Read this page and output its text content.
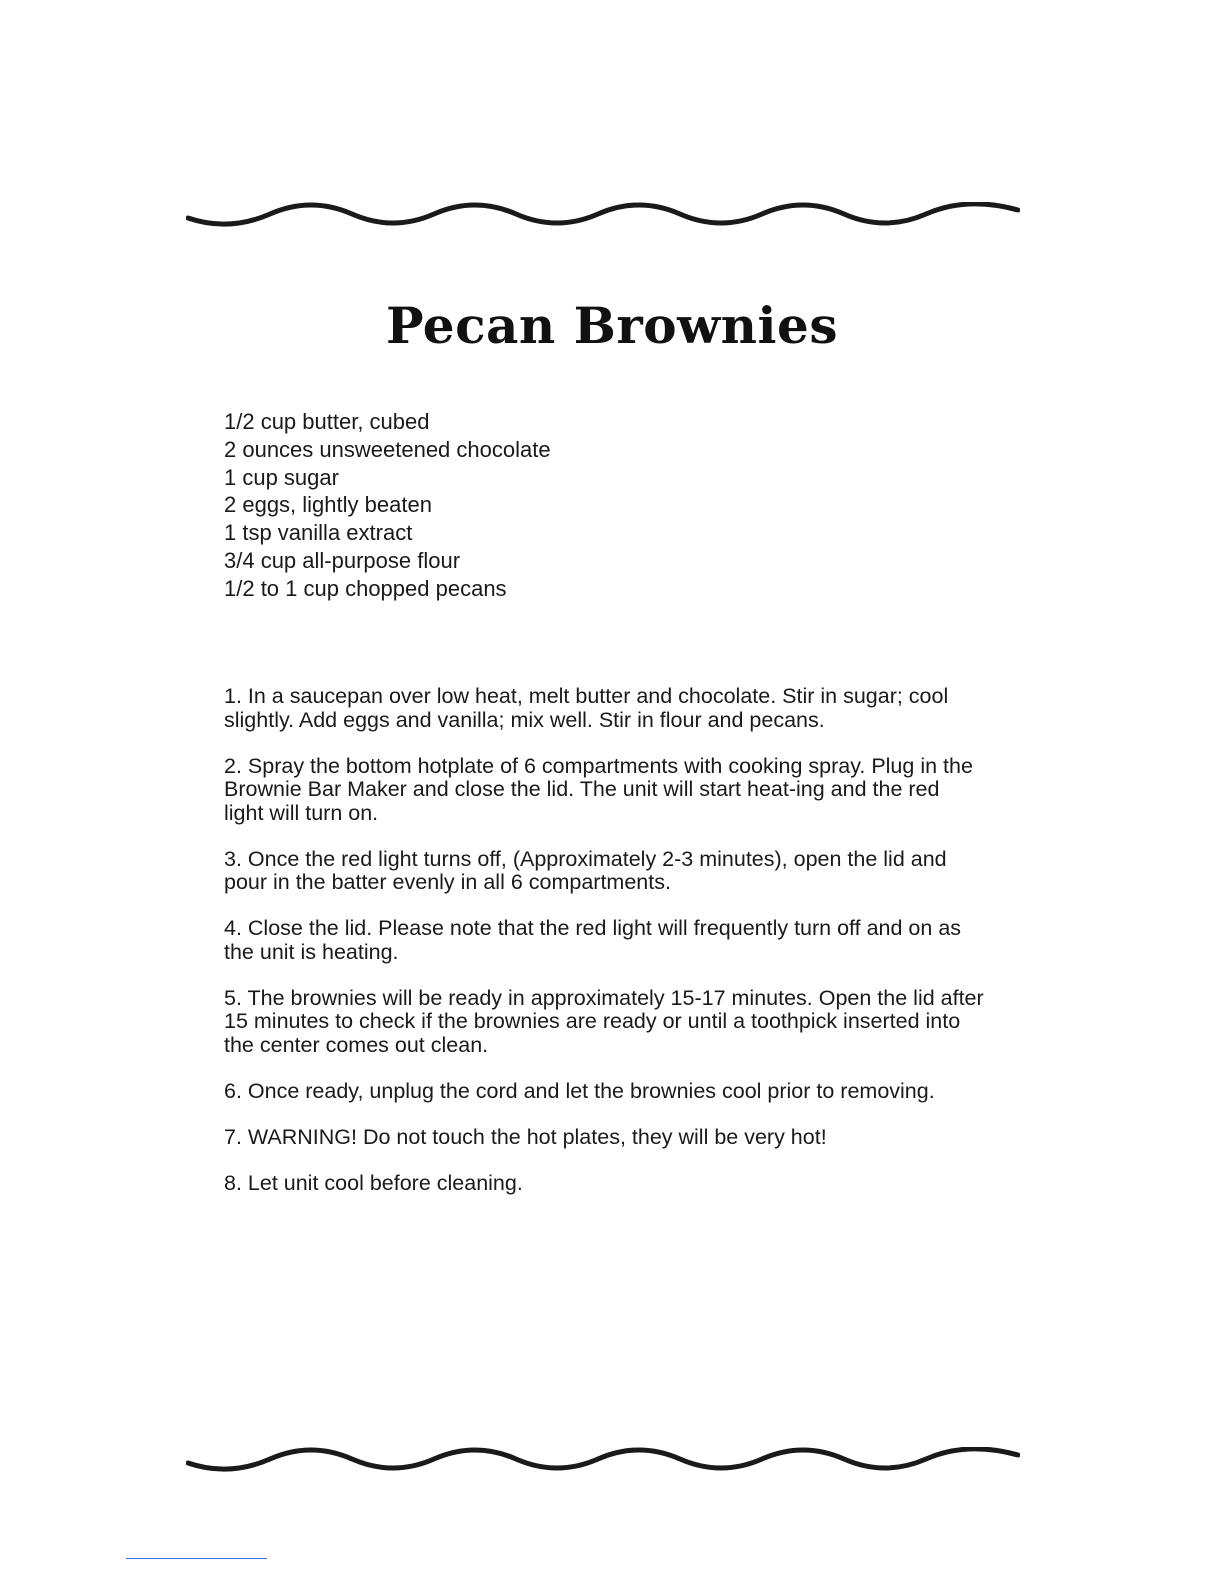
Pecan Brownies
1/2 cup butter, cubed
2 ounces unsweetened chocolate
1 cup sugar
2 eggs, lightly beaten
1 tsp vanilla extract
3/4 cup all-purpose flour
1/2 to 1 cup chopped pecans
1. In a saucepan over low heat, melt butter and chocolate. Stir in sugar; cool slightly. Add eggs and vanilla; mix well. Stir in flour and pecans.
2. Spray the bottom hotplate of 6 compartments with cooking spray. Plug in the Brownie Bar Maker and close the lid. The unit will start heat-ing and the red light will turn on.
3. Once the red light turns off, (Approximately 2-3 minutes), open the lid and pour in the batter evenly in all 6 compartments.
4. Close the lid. Please note that the red light will frequently turn off and on as the unit is heating.
5. The brownies will be ready in approximately 15-17 minutes. Open the lid after 15 minutes to check if the brownies are ready or until a toothpick inserted into the center comes out clean.
6. Once ready, unplug the cord and let the brownies cool prior to removing.
7. WARNING! Do not touch the hot plates, they will be very hot!
8. Let unit cool before cleaning.
